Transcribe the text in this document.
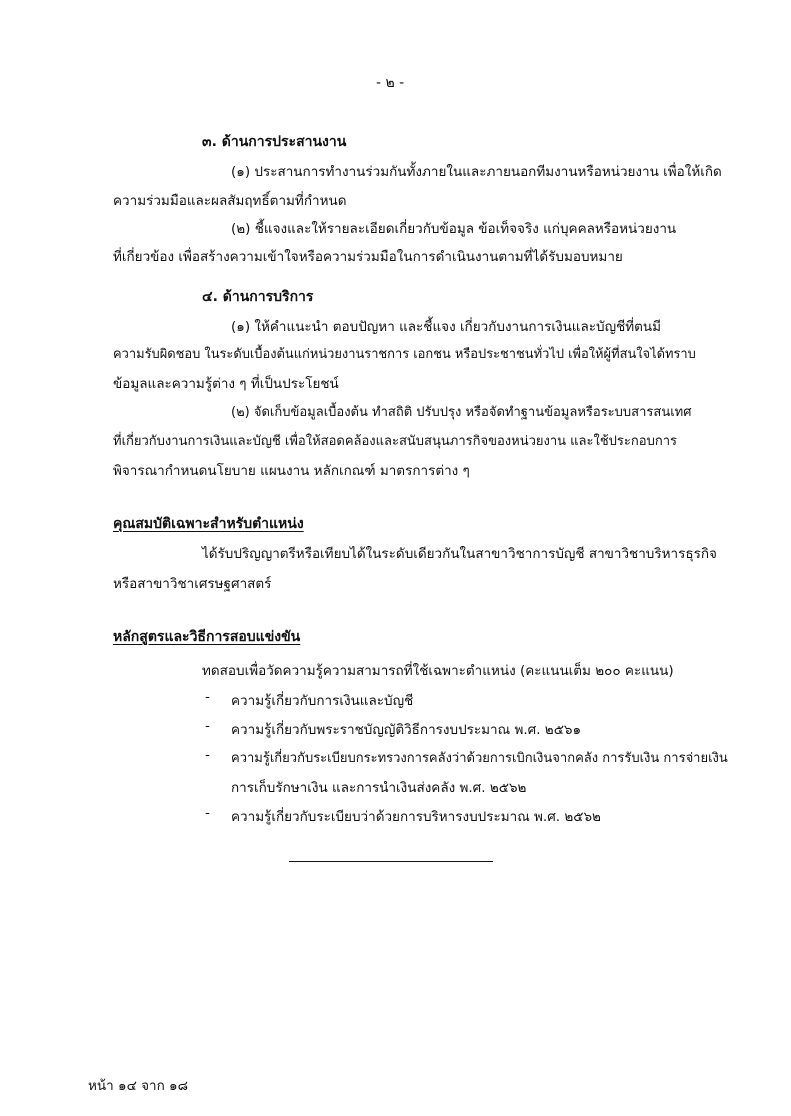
- ๒ -
๓. ด้านการประสานงาน
(๑) ประสานการทำงานร่วมกันทั้งภายในและภายนอกทีมงานหรือหน่วยงาน เพื่อให้เกิด
ความร่วมมือและผลสัมฤทธิ์ตามที่กำหนด
(๒) ชี้แจงและให้รายละเอียดเกี่ยวกับข้อมูล ข้อเท็จจริง แก่บุคคลหรือหน่วยงาน
ที่เกี่ยวข้อง เพื่อสร้างความเข้าใจหรือความร่วมมือในการดำเนินงานตามที่ได้รับมอบหมาย
๔. ด้านการบริการ
(๑) ให้คำแนะนำ ตอบปัญหา และชี้แจง เกี่ยวกับงานการเงินและบัญชีที่ตนมี
ความรับผิดชอบ ในระดับเบื้องต้นแก่หน่วยงานราชการ เอกชน หรือประชาชนทั่วไป เพื่อให้ผู้ที่สนใจได้ทราบ
ข้อมูลและความรู้ต่าง ๆ ที่เป็นประโยชน์
(๒) จัดเก็บข้อมูลเบื้องต้น ทำสถิติ ปรับปรุง หรือจัดทำฐานข้อมูลหรือระบบสารสนเทศ
ที่เกี่ยวกับงานการเงินและบัญชี เพื่อให้สอดคล้องและสนับสนุนภารกิจของหน่วยงาน และใช้ประกอบการ
พิจารณากำหนดนโยบาย แผนงาน หลักเกณฑ์ มาตรการต่าง ๆ
คุณสมบัติเฉพาะสำหรับตำแหน่ง
ได้รับปริญญาตรีหรือเทียบได้ในระดับเดียวกันในสาขาวิชาการบัญชี สาขาวิชาบริหารธุรกิจ
หรือสาขาวิชาเศรษฐศาสตร์
หลักสูตรและวิธีการสอบแข่งขัน
ทดสอบเพื่อวัดความรู้ความสามารถที่ใช้เฉพาะตำแหน่ง (คะแนนเต็ม ๒๐๐ คะแนน)
- ความรู้เกี่ยวกับการเงินและบัญชี
- ความรู้เกี่ยวกับพระราชบัญญัติวิธีการงบประมาณ พ.ศ. ๒๕๖๑
- ความรู้เกี่ยวกับระเบียบกระทรวงการคลังว่าด้วยการเบิกเงินจากคลัง การรับเงิน การจ่ายเงิน
การเก็บรักษาเงิน และการนำเงินส่งคลัง พ.ศ. ๒๕๖๒
- ความรู้เกี่ยวกับระเบียบว่าด้วยการบริหารงบประมาณ พ.ศ. ๒๕๖๒
หน้า ๑๔ จาก ๑๘
